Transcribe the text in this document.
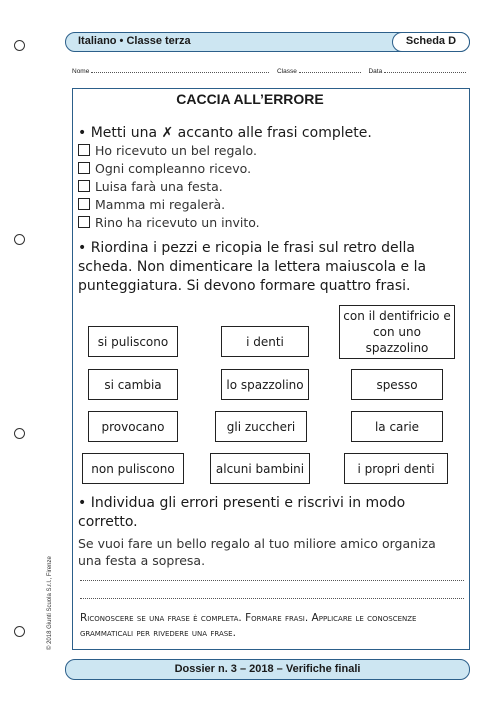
Italiano • Classe terza	Scheda D
Nome	Classe	Data
CACCIA ALL’ERRORE
• Metti una ✗ accanto alle frasi complete.
Ho ricevuto un bel regalo.
Ogni compleanno ricevo.
Luisa farà una festa.
Mamma mi regalerà.
Rino ha ricevuto un invito.
• Riordina i pezzi e ricopia le frasi sul retro della
scheda. Non dimenticare la lettera maiuscola e la
punteggiatura. Si devono formare quattro frasi.
si puliscono	i denti
con il dentifricio e con uno spazzolino
si cambia	lo spazzolino	spesso
provocano	gli zuccheri	la carie
non puliscono	alcuni bambini	i propri denti
• Individua gli errori presenti e riscrivi in modo
corretto.
Se vuoi fare un bello regalo al tuo miliore amico organiza
una festa a sopresa.
Riconoscere se una frase è completa. Formare frasi. Applicare le conoscenze
grammaticali per rivedere una frase.
© 2018 Giunti Scuola S.r.l., Firenze
Dossier n. 3 – 2018 – Verifiche finali
